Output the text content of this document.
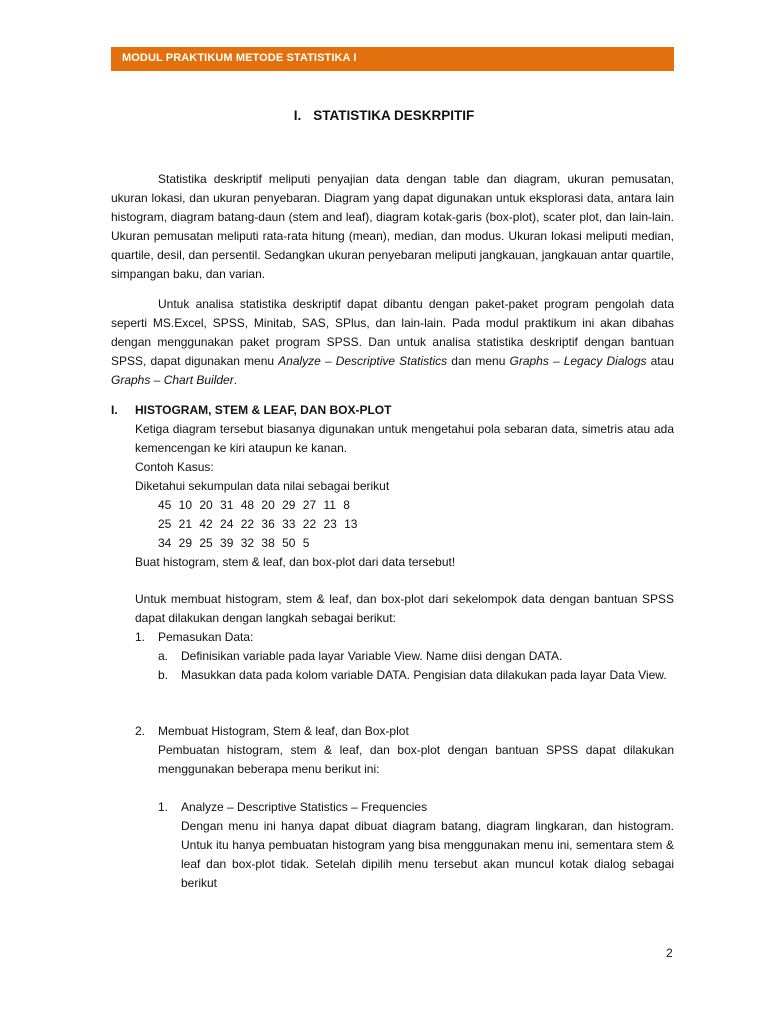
MODUL PRAKTIKUM METODE STATISTIKA I
I. STATISTIKA DESKRPITIF
Statistika deskriptif meliputi penyajian data dengan table dan diagram, ukuran pemusatan, ukuran lokasi, dan ukuran penyebaran. Diagram yang dapat digunakan untuk eksplorasi data, antara lain histogram, diagram batang-daun (stem and leaf), diagram kotak-garis (box-plot), scater plot, dan lain-lain. Ukuran pemusatan meliputi rata-rata hitung (mean), median, dan modus. Ukuran lokasi meliputi median, quartile, desil, dan persentil. Sedangkan ukuran penyebaran meliputi jangkauan, jangkauan antar quartile, simpangan baku, dan varian.
Untuk analisa statistika deskriptif dapat dibantu dengan paket-paket program pengolah data seperti MS.Excel, SPSS, Minitab, SAS, SPlus, dan lain-lain. Pada modul praktikum ini akan dibahas dengan menggunakan paket program SPSS. Dan untuk analisa statistika deskriptif dengan bantuan SPSS, dapat digunakan menu Analyze – Descriptive Statistics dan menu Graphs – Legacy Dialogs atau Graphs – Chart Builder.
I. HISTOGRAM, STEM & LEAF, DAN BOX-PLOT
Ketiga diagram tersebut biasanya digunakan untuk mengetahui pola sebaran data, simetris atau ada kemencengan ke kiri ataupun ke kanan.
Contoh Kasus:
Diketahui sekumpulan data nilai sebagai berikut
45 10 20 31 48 20 29 27 11 8
25 21 42 24 22 36 33 22 23 13
34 29 25 39 32 38 50 5
Buat histogram, stem & leaf, dan box-plot dari data tersebut!
Untuk membuat histogram, stem & leaf, dan box-plot dari sekelompok data dengan bantuan SPSS dapat dilakukan dengan langkah sebagai berikut:
1. Pemasukan Data:
a. Definisikan variable pada layar Variable View. Name diisi dengan DATA.
b. Masukkan data pada kolom variable DATA. Pengisian data dilakukan pada layar Data View.
2. Membuat Histogram, Stem & leaf, dan Box-plot
Pembuatan histogram, stem & leaf, dan box-plot dengan bantuan SPSS dapat dilakukan menggunakan beberapa menu berikut ini:
1. Analyze – Descriptive Statistics – Frequencies
Dengan menu ini hanya dapat dibuat diagram batang, diagram lingkaran, dan histogram. Untuk itu hanya pembuatan histogram yang bisa menggunakan menu ini, sementara stem & leaf dan box-plot tidak. Setelah dipilih menu tersebut akan muncul kotak dialog sebagai berikut
2
